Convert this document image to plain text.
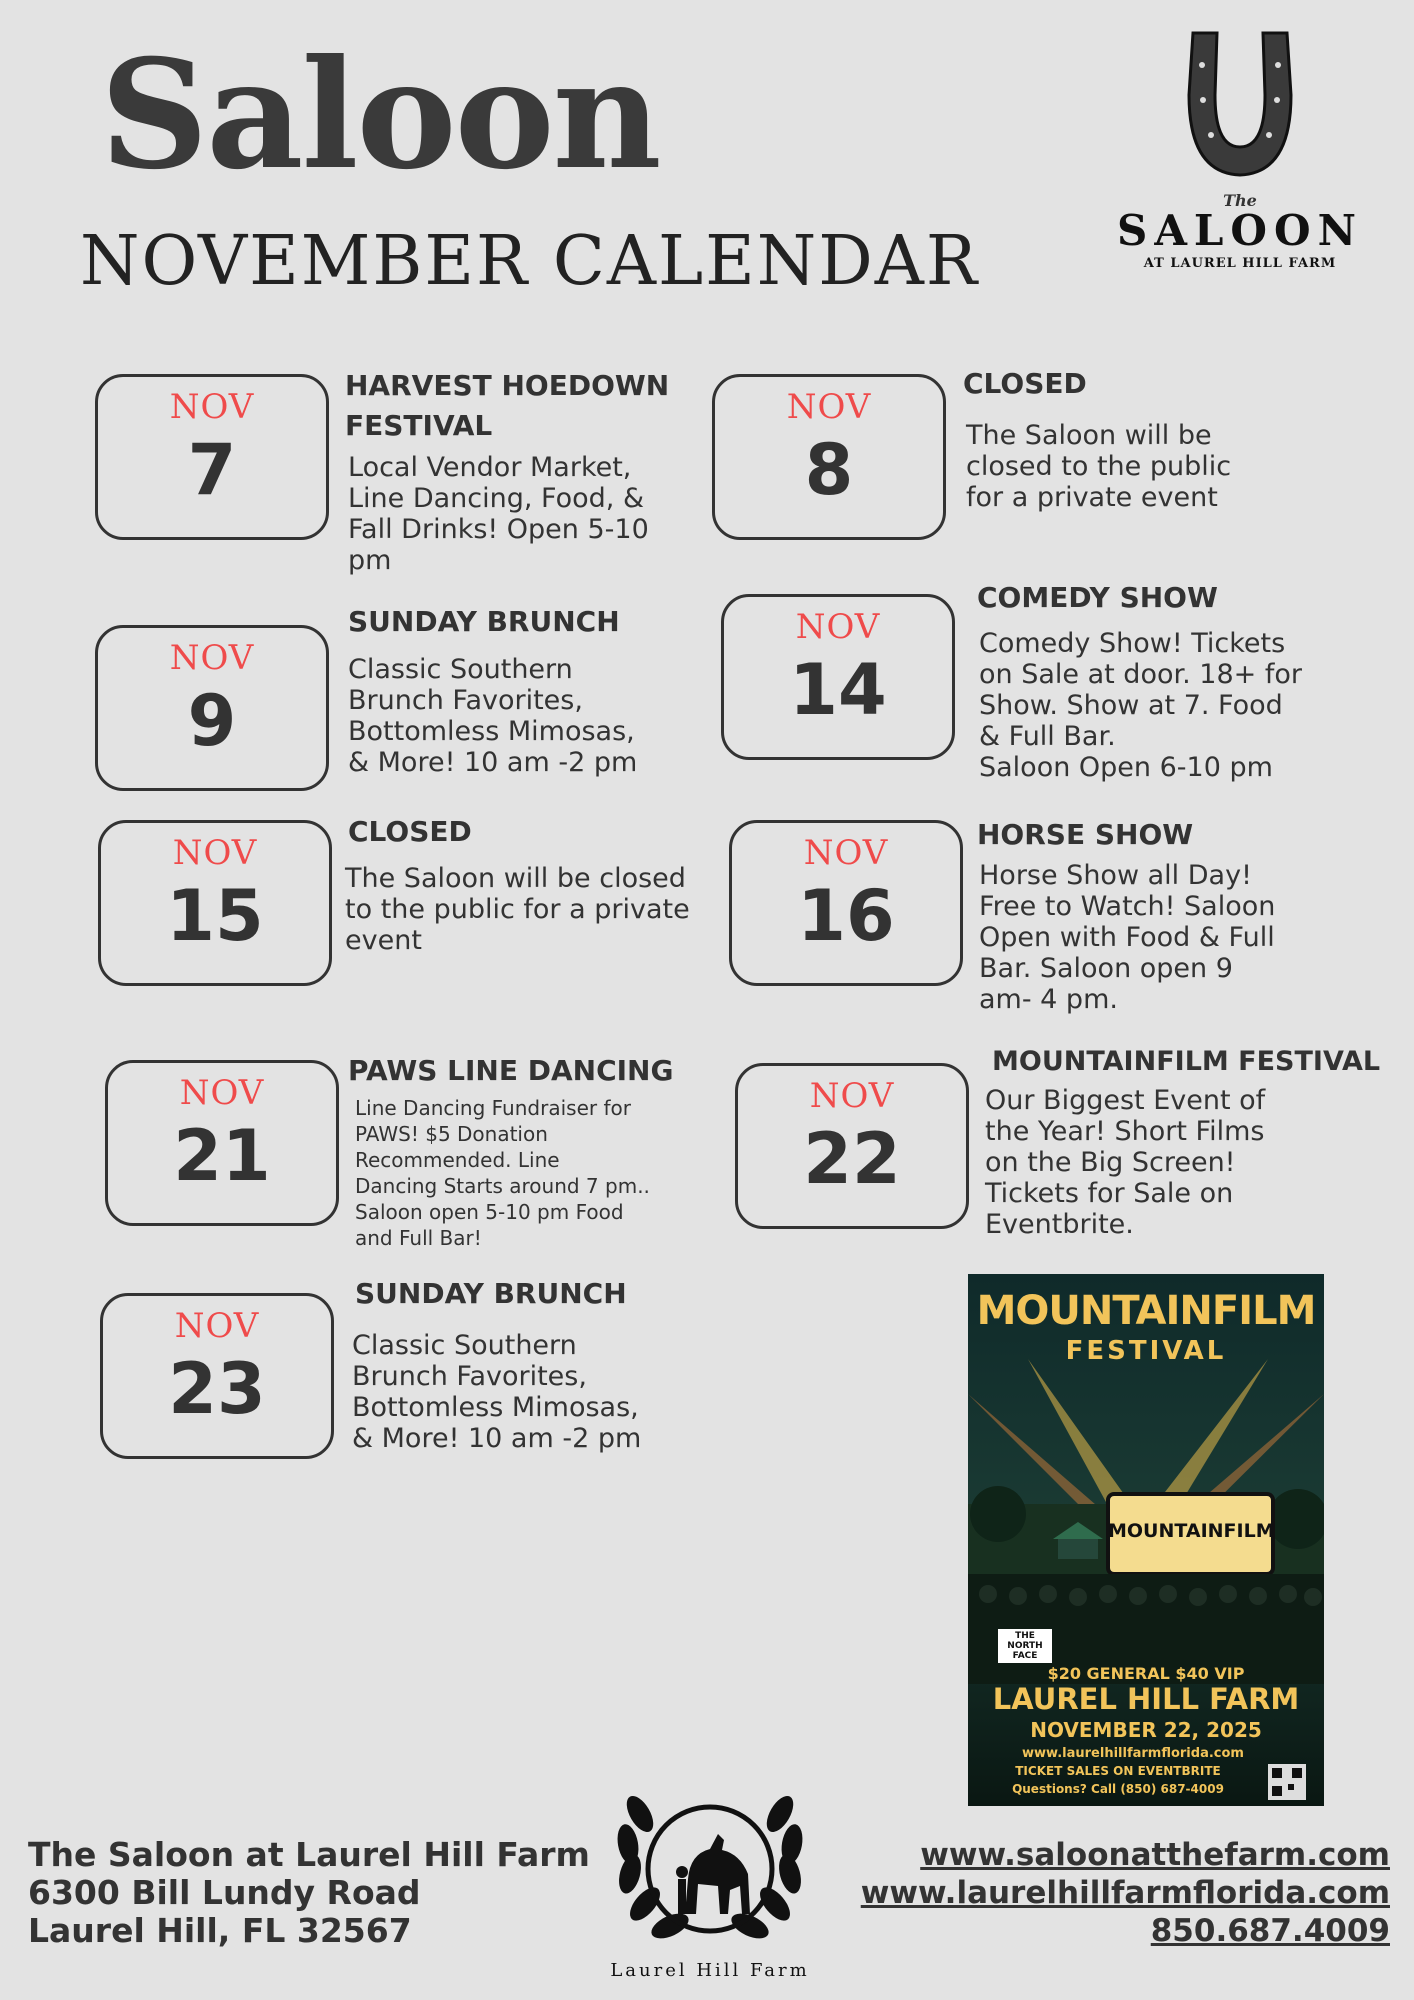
Saloon
NOVEMBER CALENDAR
The
SALOON
AT LAUREL HILL FARM
NOV
7
HARVEST HOEDOWN
FESTIVAL
Local Vendor Market,
Line Dancing, Food, &
Fall Drinks! Open 5-10
pm
NOV
8
CLOSED
The Saloon will be
closed to the public
for a private event
NOV
9
SUNDAY BRUNCH
Classic Southern
Brunch Favorites,
Bottomless Mimosas,
& More! 10 am -2 pm
NOV
14
COMEDY SHOW
Comedy Show! Tickets
on Sale at door. 18+ for
Show. Show at 7. Food
& Full Bar.
Saloon Open 6-10 pm
NOV
15
CLOSED
The Saloon will be closed
to the public for a private
event
NOV
16
HORSE SHOW
Horse Show all Day!
Free to Watch! Saloon
Open with Food & Full
Bar. Saloon open 9
am- 4 pm.
NOV
21
PAWS LINE DANCING
Line Dancing Fundraiser for
PAWS! $5 Donation
Recommended. Line
Dancing Starts around 7 pm..
Saloon open 5-10 pm Food
and Full Bar!
NOV
22
MOUNTAINFILM FESTIVAL
Our Biggest Event of
the Year! Short Films
on the Big Screen!
Tickets for Sale on
Eventbrite.
NOV
23
SUNDAY BRUNCH
Classic Southern
Brunch Favorites,
Bottomless Mimosas,
& More! 10 am -2 pm
MOUNTAINFILM
FESTIVAL
MOUNTAINFILM
THE
NORTH
FACE
$20 GENERAL $40 VIP
LAUREL HILL FARM
NOVEMBER 22, 2025
www.laurelhillfarmflorida.com
TICKET SALES ON EVENTBRITE
Questions? Call (850) 687-4009
The Saloon at Laurel Hill Farm
6300 Bill Lundy Road
Laurel Hill, FL 32567
Laurel Hill Farm
www.saloonatthefarm.com
www.laurelhillfarmflorida.com
850.687.4009
